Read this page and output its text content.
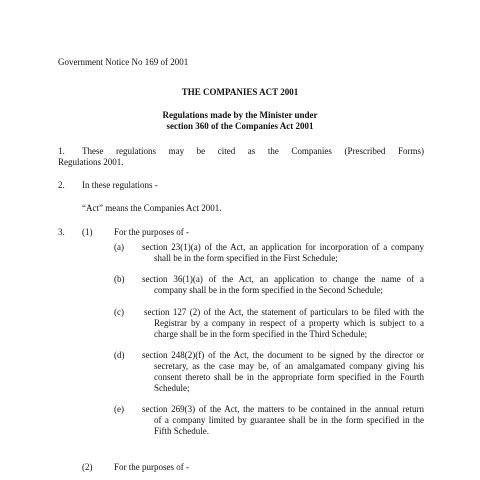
Government Notice No 169 of 2001
THE COMPANIES ACT 2001
Regulations made by the Minister under
section 360 of the Companies Act 2001
1. These regulations may be cited as the Companies (Prescribed Forms)
Regulations 2001.
2. In these regulations -
“Act” means the Companies Act 2001.
3. (1) For the purposes of -
(a) section 23(1)(a) of the Act, an application for incorporation of a company
shall be in the form specified in the First Schedule;
(b) section 36(1)(a) of the Act, an application to change the name of a
company shall be in the form specified in the Second Schedule;
(c) section 127 (2) of the Act, the statement of particulars to be filed with the
Registrar by a company in respect of a property which is subject to a
charge shall be in the form specified in the Third Schedule;
(d) section 248(2)(f) of the Act, the document to be signed by the director or
secretary, as the case may be, of an amalgamated company giving his
consent thereto shall be in the appropriate form specified in the Fourth
Schedule;
(e) section 269(3) of the Act, the matters to be contained in the annual return
of a company limited by guarantee shall be in the form specified in the
Fifth Schedule.
(2) For the purposes of -
